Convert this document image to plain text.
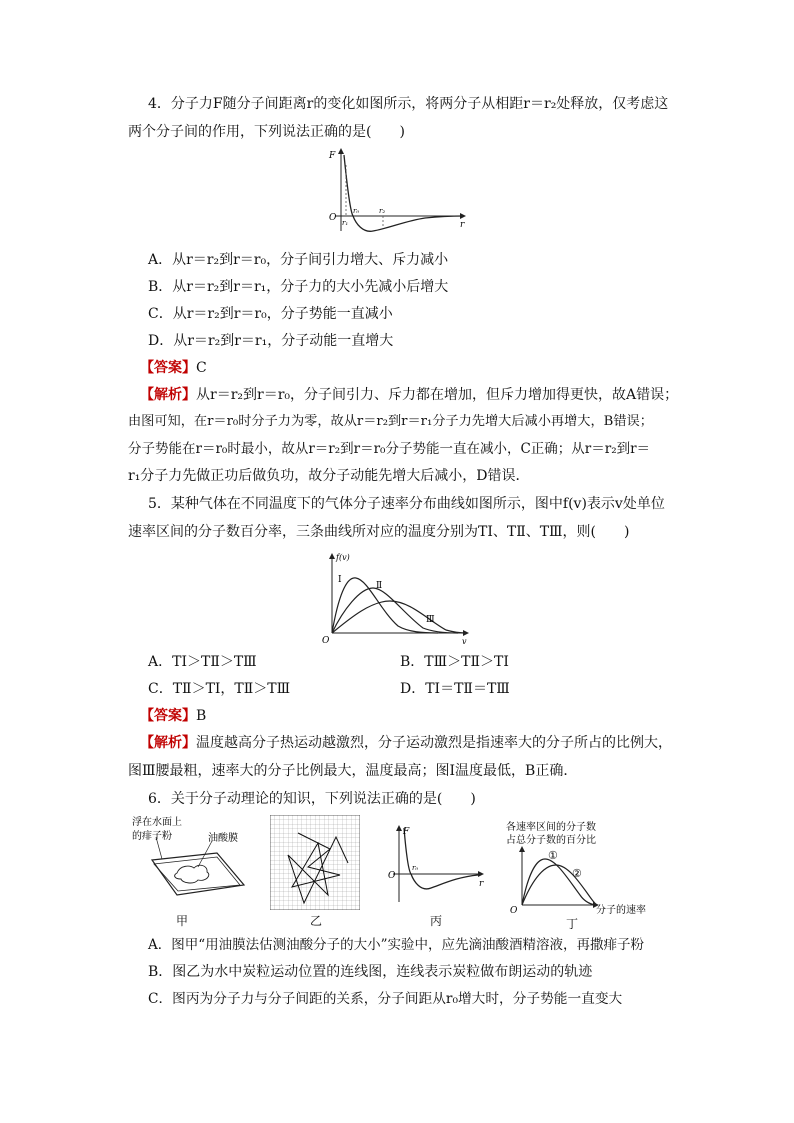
4．分子力F随分子间距离r的变化如图所示，将两分子从相距r＝r₂处释放，仅考虑这
两个分子间的作用，下列说法正确的是(　　)
F
O
r
r₀
r₁
r₂
A．从r＝r₂到r＝r₀，分子间引力增大、斥力减小
B．从r＝r₂到r＝r₁，分子力的大小先减小后增大
C．从r＝r₂到r＝r₀，分子势能一直减小
D．从r＝r₂到r＝r₁，分子动能一直增大
【答案】C
【解析】从r＝r₂到r＝r₀，分子间引力、斥力都在增加，但斥力增加得更快，故A错误；
由图可知，在r＝r₀时分子力为零，故从r＝r₂到r＝r₁分子力先增大后减小再增大，B错误；
分子势能在r＝r₀时最小，故从r＝r₂到r＝r₀分子势能一直在减小，C正确；从r＝r₂到r＝
r₁分子力先做正功后做负功，故分子动能先增大后减小，D错误．
5．某种气体在不同温度下的气体分子速率分布曲线如图所示，图中f(v)表示v处单位
速率区间的分子数百分率，三条曲线所对应的温度分别为TⅠ、TⅡ、TⅢ，则(　　)
f(v)
O	v
Ⅰ
Ⅱ
Ⅲ
A．TⅠ＞TⅡ＞TⅢ	B．TⅢ＞TⅡ＞TⅠ
C．TⅡ＞TⅠ，TⅡ＞TⅢ	D．TⅠ＝TⅡ＝TⅢ
【答案】B
【解析】温度越高分子热运动越激烈，分子运动激烈是指速率大的分子所占的比例大，
图Ⅲ腰最粗，速率大的分子比例最大，温度最高；图Ⅰ温度最低，B正确．
6．关于分子动理论的知识，下列说法正确的是(　　)
浮在水面上
的痱子粉	油酸膜
甲	乙
F
O
r
r₀
丙
各速率区间的分子数
占总分子数的百分比
①
②
O	分子的速率
丁
A．图甲“用油膜法估测油酸分子的大小”实验中，应先滴油酸酒精溶液，再撒痱子粉
B．图乙为水中炭粒运动位置的连线图，连线表示炭粒做布朗运动的轨迹
C．图丙为分子力与分子间距的关系，分子间距从r₀增大时，分子势能一直变大
